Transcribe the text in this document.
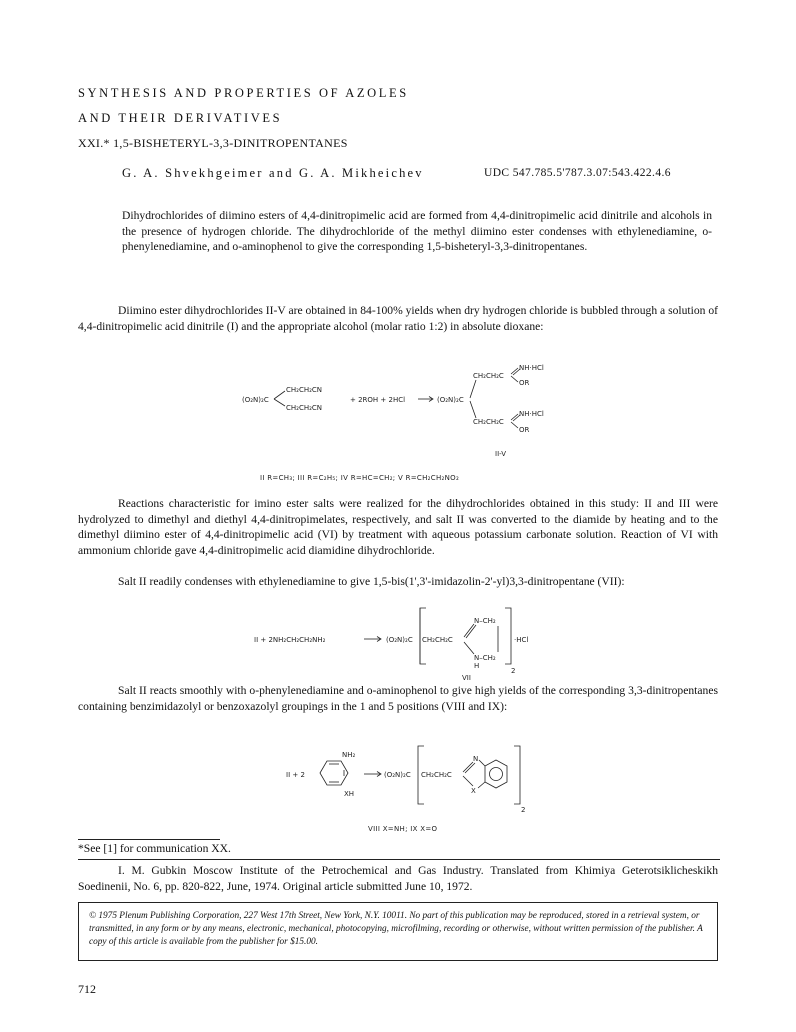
SYNTHESIS AND PROPERTIES OF AZOLES
AND THEIR DERIVATIVES
XXI.* 1,5-BISHETERYL-3,3-DINITROPENTANES
G. A. Shvekhgeimer and G. A. Mikheichev	UDC 547.785.5'787.3.07:543.422.4.6
Dihydrochlorides of diimino esters of 4,4-dinitropimelic acid are formed from 4,4-dinitropimelic acid dinitrile and alcohols in the presence of hydrogen chloride. The dihydrochloride of the methyl diimino ester condenses with ethylenediamine, o-phenylenediamine, and o-aminophenol to give the corresponding 1,5-bisheteryl-3,3-dinitropentanes.
Diimino ester dihydrochlorides II-V are obtained in 84-100% yields when dry hydrogen chloride is bubbled through a solution of 4,4-dinitropimelic acid dinitrile (I) and the appropriate alcohol (molar ratio 1:2) in absolute dioxane:
(O₂N)₂C
CH₂CH₂CN
CH₂CH₂CN
+ 2ROH + 2HCl	(O₂N)₂C
CH₂CH₂C
CH₂CH₂C
NH·HCl
OR
NH·HCl
OR
II-V
II R=CH₃; III R=C₂H₅; IV R=HC=CH₂; V R=CH₂CH₂NO₂
Reactions characteristic for imino ester salts were realized for the dihydrochlorides obtained in this study: II and III were hydrolyzed to dimethyl and diethyl 4,4-dinitropimelates, respectively, and salt II was converted to the diamide by heating and to the dimethyl diimino ester of 4,4-dinitropimelic acid (VI) by treatment with aqueous potassium carbonate solution. Reaction of VI with ammonium chloride gave 4,4-dinitropimelic acid diamidine dihydrochloride.
Salt II readily condenses with ethylenediamine to give 1,5-bis(1',3'-imidazolin-2'-yl)3,3-dinitropentane (VII):
II + 2NH₂CH₂CH₂NH₂	(O₂N)₂C CH₂CH₂C
N–CH₂
N–CH₂
H
·HCl
2
VII
Salt II reacts smoothly with o-phenylenediamine and o-aminophenol to give high yields of the corresponding 3,3-dinitropentanes containing benzimidazolyl or benzoxazolyl groupings in the 1 and 5 positions (VIII and IX):
II + 2
NH₂
XH
(O₂N)₂C CH₂CH₂C
N
X
2
VIII X=NH; IX X=O
*See [1] for communication XX.
I. M. Gubkin Moscow Institute of the Petrochemical and Gas Industry. Translated from Khimiya Geterotsiklicheskikh Soedinenii, No. 6, pp. 820-822, June, 1974. Original article submitted June 10, 1972.
© 1975 Plenum Publishing Corporation, 227 West 17th Street, New York, N.Y. 10011. No part of this publication may be reproduced, stored in a retrieval system, or transmitted, in any form or by any means, electronic, mechanical, photocopying, microfilming, recording or otherwise, without written permission of the publisher. A copy of this article is available from the publisher for $15.00.
712
